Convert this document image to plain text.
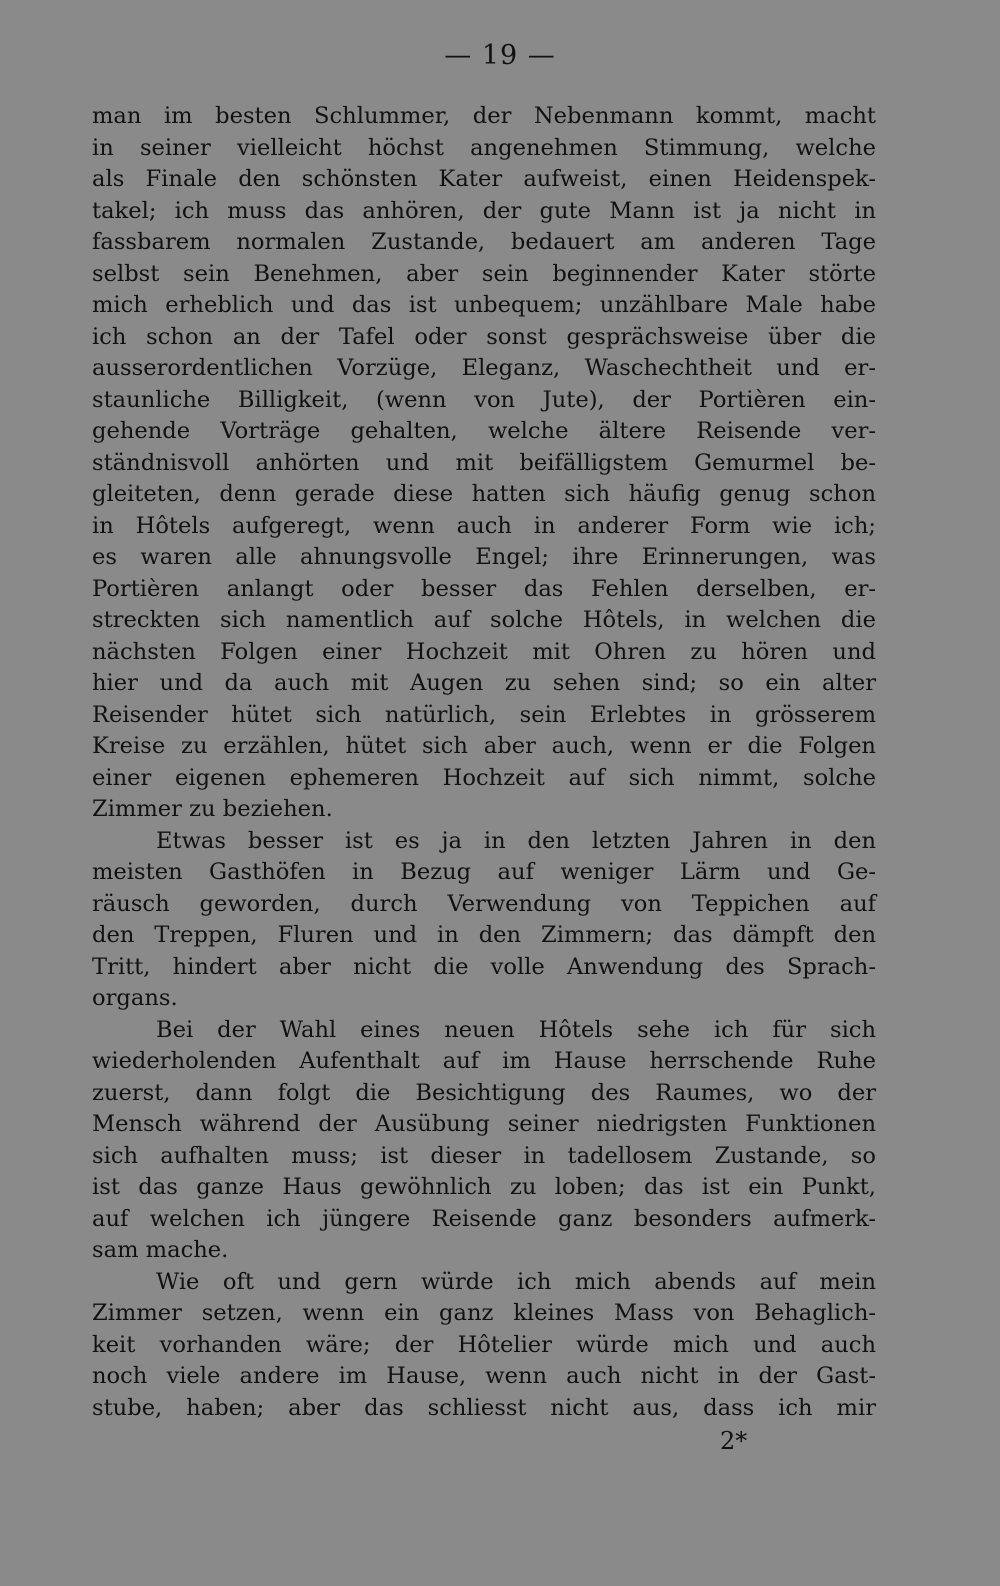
— 19 —
man im besten Schlummer, der Nebenmann kommt, macht
in seiner vielleicht höchst angenehmen Stimmung, welche
als Finale den schönsten Kater aufweist, einen Heidenspek-
takel; ich muss das anhören, der gute Mann ist ja nicht in
fassbarem normalen Zustande, bedauert am anderen Tage
selbst sein Benehmen, aber sein beginnender Kater störte
mich erheblich und das ist unbequem; unzählbare Male habe
ich schon an der Tafel oder sonst gesprächsweise über die
ausserordentlichen Vorzüge, Eleganz, Waschechtheit und er-
staunliche Billigkeit, (wenn von Jute), der Portièren ein-
gehende Vorträge gehalten, welche ältere Reisende ver-
ständnisvoll anhörten und mit beifälligstem Gemurmel be-
gleiteten, denn gerade diese hatten sich häufig genug schon
in Hôtels aufgeregt, wenn auch in anderer Form wie ich;
es waren alle ahnungsvolle Engel; ihre Erinnerungen, was
Portièren anlangt oder besser das Fehlen derselben, er-
streckten sich namentlich auf solche Hôtels, in welchen die
nächsten Folgen einer Hochzeit mit Ohren zu hören und
hier und da auch mit Augen zu sehen sind; so ein alter
Reisender hütet sich natürlich, sein Erlebtes in grösserem
Kreise zu erzählen, hütet sich aber auch, wenn er die Folgen
einer eigenen ephemeren Hochzeit auf sich nimmt, solche
Zimmer zu beziehen.
Etwas besser ist es ja in den letzten Jahren in den
meisten Gasthöfen in Bezug auf weniger Lärm und Ge-
räusch geworden, durch Verwendung von Teppichen auf
den Treppen, Fluren und in den Zimmern; das dämpft den
Tritt, hindert aber nicht die volle Anwendung des Sprach-
organs.
Bei der Wahl eines neuen Hôtels sehe ich für sich
wiederholenden Aufenthalt auf im Hause herrschende Ruhe
zuerst, dann folgt die Besichtigung des Raumes, wo der
Mensch während der Ausübung seiner niedrigsten Funktionen
sich aufhalten muss; ist dieser in tadellosem Zustande, so
ist das ganze Haus gewöhnlich zu loben; das ist ein Punkt,
auf welchen ich jüngere Reisende ganz besonders aufmerk-
sam mache.
Wie oft und gern würde ich mich abends auf mein
Zimmer setzen, wenn ein ganz kleines Mass von Behaglich-
keit vorhanden wäre; der Hôtelier würde mich und auch
noch viele andere im Hause, wenn auch nicht in der Gast-
stube, haben; aber das schliesst nicht aus, dass ich mir
2*
